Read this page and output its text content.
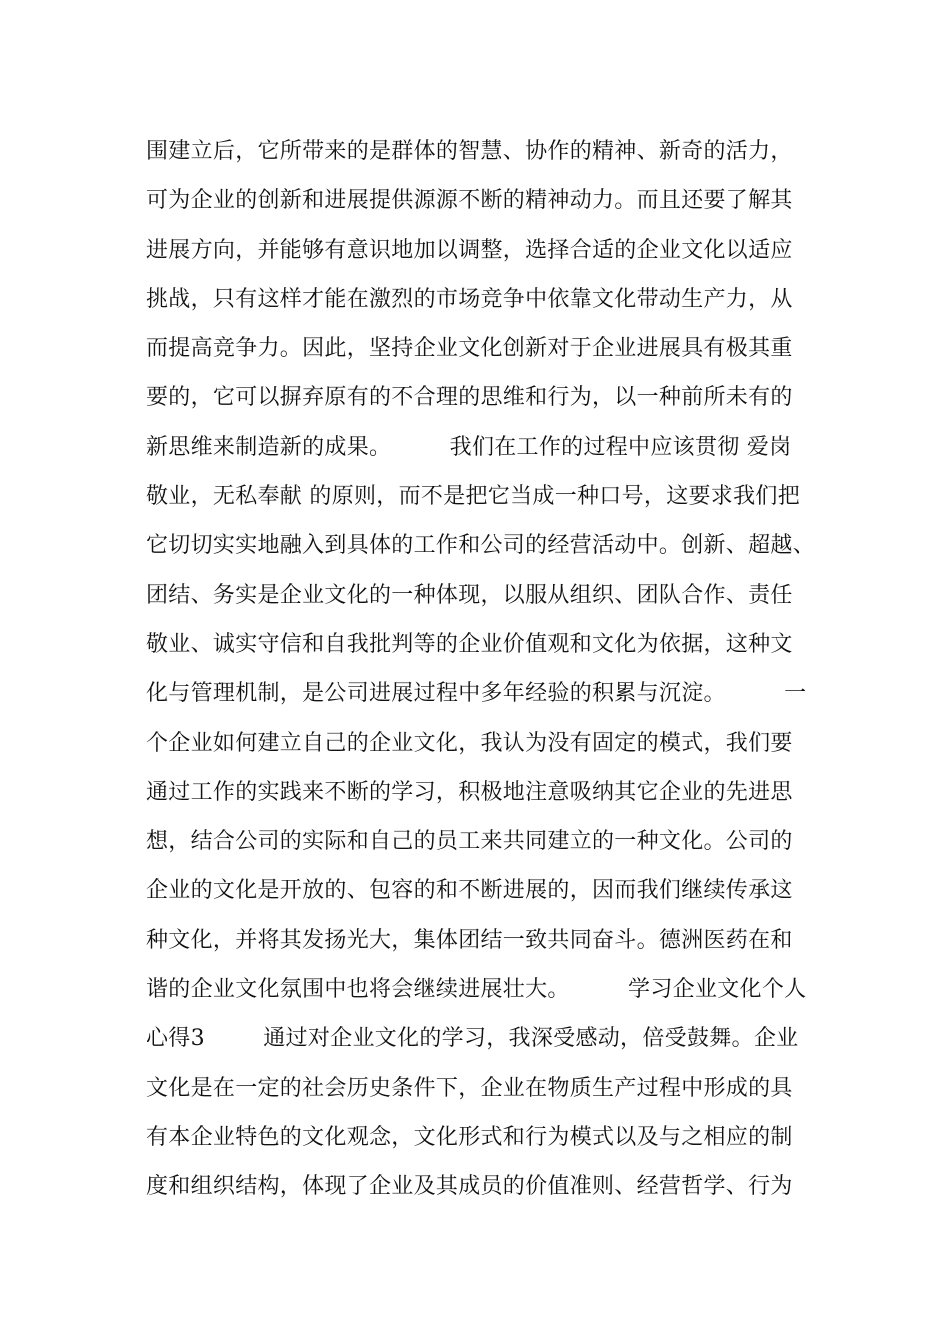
围建立后，它所带来的是群体的智慧、协作的精神、新奇的活力，
可为企业的创新和进展提供源源不断的精神动力。而且还要了解其
进展方向，并能够有意识地加以调整，选择合适的企业文化以适应
挑战，只有这样才能在激烈的市场竞争中依靠文化带动生产力，从
而提高竞争力。因此，坚持企业文化创新对于企业进展具有极其重
要的，它可以摒弃原有的不合理的思维和行为，以一种前所未有的
新思维来制造新的成果。        我们在工作的过程中应该贯彻 爱岗
敬业，无私奉献 的原则，而不是把它当成一种口号，这要求我们把
它切切实实地融入到具体的工作和公司的经营活动中。创新、超越、
团结、务实是企业文化的一种体现，以服从组织、团队合作、责任
敬业、诚实守信和自我批判等的企业价值观和文化为依据，这种文
化与管理机制，是公司进展过程中多年经验的积累与沉淀。        一
个企业如何建立自己的企业文化，我认为没有固定的模式，我们要
通过工作的实践来不断的学习，积极地注意吸纳其它企业的先进思
想，结合公司的实际和自己的员工来共同建立的一种文化。公司的
企业的文化是开放的、包容的和不断进展的，因而我们继续传承这
种文化，并将其发扬光大，集体团结一致共同奋斗。德洲医药在和
谐的企业文化氛围中也将会继续进展壮大。        学习企业文化个人
心得3        通过对企业文化的学习，我深受感动，倍受鼓舞。企业
文化是在一定的社会历史条件下，企业在物质生产过程中形成的具
有本企业特色的文化观念，文化形式和行为模式以及与之相应的制
度和组织结构，体现了企业及其成员的价值准则、经营哲学、行为
